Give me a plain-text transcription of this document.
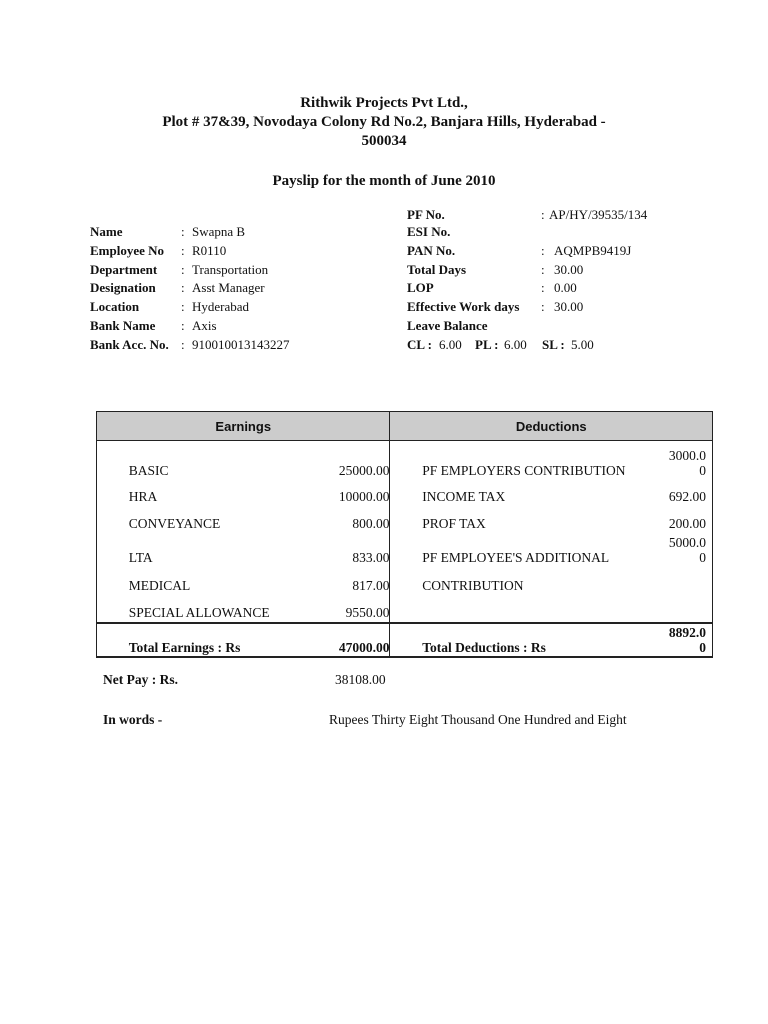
Rithwik Projects Pvt Ltd.,
Plot # 37&39, Novodaya Colony Rd No.2, Banjara Hills, Hyderabad -
500034
Payslip for the month of June 2010
Name	: Swapna B
Employee No : R0110
Department : Transportation
Designation : Asst Manager
Location	: Hyderabad
Bank Name : Axis
Bank Acc. No. : 910010013143227
PF No.	: AP/HY/39535/134
ESI No.
PAN No.	: AQMPB9419J
Total Days	: 30.00
LOP	: 0.00
Effective Work days : 30.00
Leave Balance
CL : 6.00 PL : 6.00 SL : 5.00
Earnings			Deductions		
	BASIC	25000.00		PF EMPLOYERS CONTRIBUTION	3000.00
	HRA	10000.00		INCOME TAX	692.00
	CONVEYANCE	800.00		PROF TAX	200.00
	LTA	833.00		PF EMPLOYEE'S ADDITIONAL	5000.00
	MEDICAL	817.00		CONTRIBUTION	
	SPECIAL ALLOWANCE	9550.00			
	Total Earnings : Rs	47000.00		Total Deductions : Rs	8892.00
Net Pay : Rs.	38108.00
In words -	Rupees Thirty Eight Thousand One Hundred and Eight
